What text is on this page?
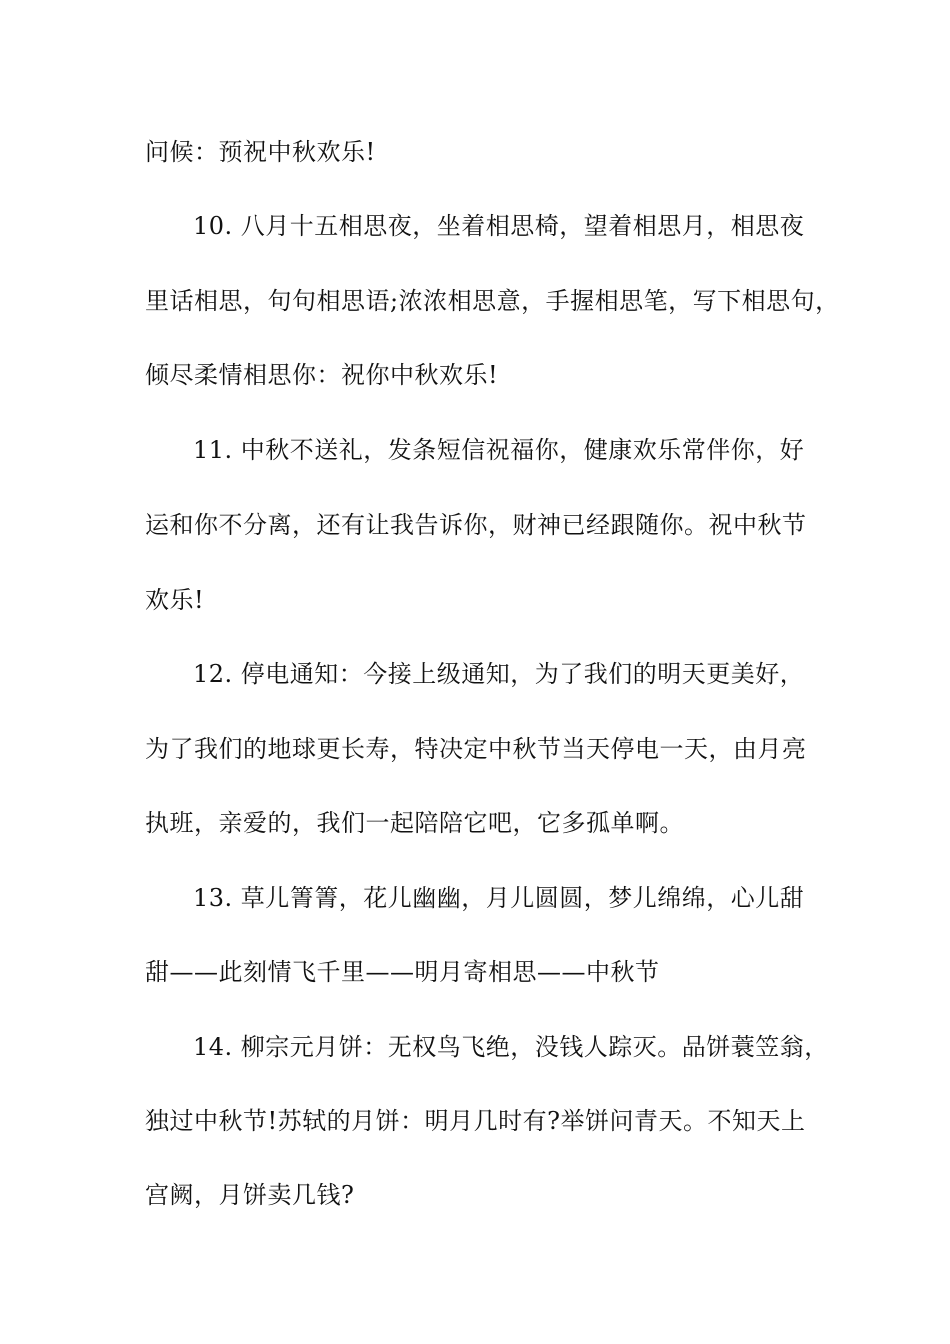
问候：预祝中秋欢乐!
10. 八月十五相思夜，坐着相思椅，望着相思月，相思夜
里话相思，句句相思语;浓浓相思意，手握相思笔，写下相思句，
倾尽柔情相思你：祝你中秋欢乐!
11. 中秋不送礼，发条短信祝福你，健康欢乐常伴你，好
运和你不分离，还有让我告诉你，财神已经跟随你。祝中秋节
欢乐!
12. 停电通知：今接上级通知，为了我们的明天更美好，
为了我们的地球更长寿，特决定中秋节当天停电一天，由月亮
执班，亲爱的，我们一起陪陪它吧，它多孤单啊。
13. 草儿箐箐，花儿幽幽，月儿圆圆，梦儿绵绵，心儿甜
甜——此刻情飞千里——明月寄相思——中秋节
14. 柳宗元月饼：无权鸟飞绝，没钱人踪灭。品饼蓑笠翁，
独过中秋节!苏轼的月饼：明月几时有?举饼问青天。不知天上
宫阙，月饼卖几钱?
